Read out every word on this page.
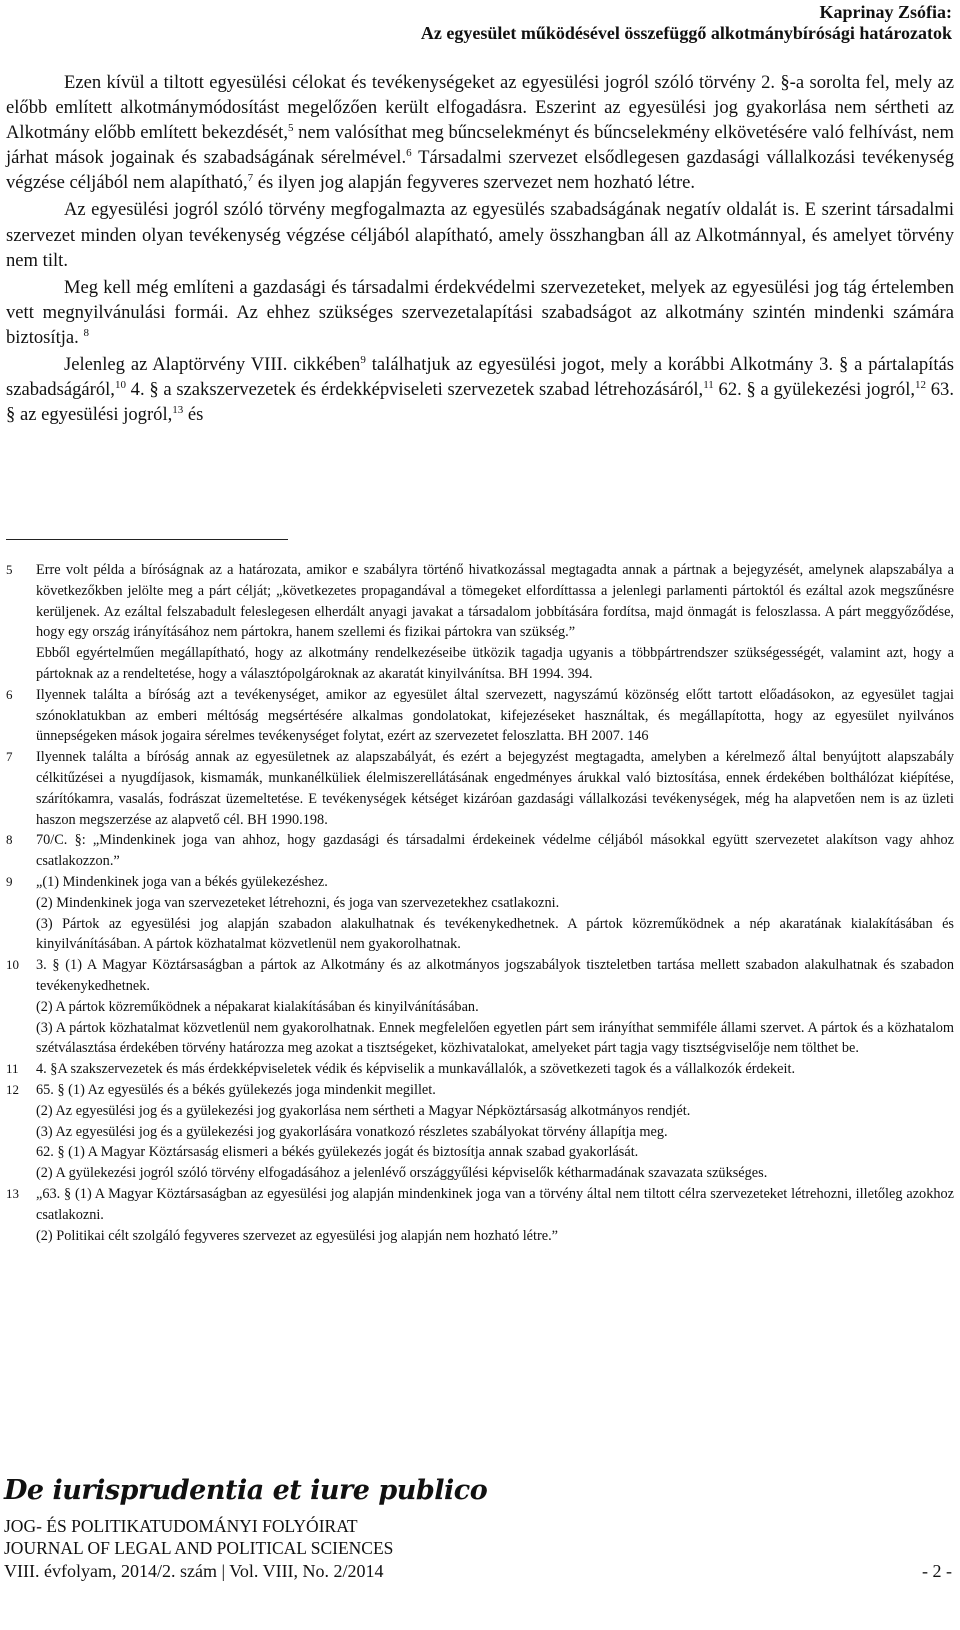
Kaprinay Zsófia:
Az egyesület működésével összefüggő alkotmánybírósági határozatok

Ezen kívül a tiltott egyesülési célokat és tevékenységeket az egyesülési jogról szóló törvény 2. §-a sorolta fel, mely az előbb említett alkotmánymódosítást megelőzően került elfogadásra. Eszerint az egyesülési jog gyakorlása nem sértheti az Alkotmány előbb említett bekezdését,$^5$ nem valósíthat meg bűncselekményt és bűncselekmény elkövetésére való felhívást, nem járhat mások jogainak és szabadságának sérelmével.$^6$ Társadalmi szervezet elsődlegesen gazdasági vállalkozási tevékenység végzése céljából nem alapítható,$^7$ és ilyen jog alapján fegyveres szervezet nem hozható létre.

Az egyesülési jogról szóló törvény megfogalmazta az egyesülés szabadságának negatív oldalát is. E szerint társadalmi szervezet minden olyan tevékenység végzése céljából alapítható, amely összhangban áll az Alkotmánnyal, és amelyet törvény nem tilt.

Meg kell még említeni a gazdasági és társadalmi érdekvédelmi szervezeteket, melyek az egyesülési jog tág értelemben vett megnyilvánulási formái. Az ehhez szükséges szervezetalapítási szabadságot az alkotmány szintén mindenki számára biztosítja. $^8$

Jelenleg az Alaptörvény VIII. cikkében$^9$ találhatjuk az egyesülési jogot, mely a korábbi Alkotmány 3. § a pártalapítás szabadságáról,$^{10}$ 4. § a szakszervezetek és érdekképviseleti szervezetek szabad létrehozásáról,$^{11}$ 62. § a gyülekezési jogról,$^{12}$ 63. § az egyesülési jogról,$^{13}$ és

5 Erre volt példa a bíróságnak az a határozata, amikor e szabályra történő hivatkozással megtagadta annak a pártnak a bejegyzését, amelynek alapszabálya a következőkben jelölte meg a párt célját; „következetes propagandával a tömegeket elfordíttassa a jelenlegi parlamenti pártoktól és ezáltal azok megszűnésre kerüljenek. Az ezáltal felszabadult feleslegesen elherdált anyagi javakat a társadalom jobbítására fordítsa, majd önmagát is feloszlassa. A párt meggyőződése, hogy egy ország irányításához nem pártokra, hanem szellemi és fizikai pártokra van szükség.”

Ebből egyértelműen megállapítható, hogy az alkotmány rendelkezéseibe ütközik tagadja ugyanis a többpártrendszer szükségességét, valamint azt, hogy a pártoknak az a rendeltetése, hogy a választópolgároknak az akaratát kinyilvánítsa. BH 1994. 394.

6 Ilyennek találta a bíróság azt a tevékenységet, amikor az egyesület által szervezett, nagyszámú közönség előtt tartott előadásokon, az egyesület tagjai szónoklatukban az emberi méltóság megsértésére alkalmas gondolatokat, kifejezéseket használtak, és megállapította, hogy az egyesület nyilvános ünnepségeken mások jogaira sérelmes tevékenységet folytat, ezért az szervezetet feloszlatta. BH 2007. 146

7 Ilyennek találta a bíróság annak az egyesületnek az alapszabályát, és ezért a bejegyzést megtagadta, amelyben a kérelmező által benyújtott alapszabály célkitűzései a nyugdíjasok, kismamák, munkanélküliek élelmiszerellátásának engedményes árukkal való biztosítása, ennek érdekében bolthálózat kiépítése, szárítókamra, vasalás, fodrászat üzemeltetése. E tevékenységek kétséget kizáróan gazdasági vállalkozási tevékenységek, még ha alapvetően nem is az üzleti haszon megszerzése az alapvető cél. BH 1990.198.

8 70/C. §: „Mindenkinek joga van ahhoz, hogy gazdasági és társadalmi érdekeinek védelme céljából másokkal együtt szervezetet alakítson vagy ahhoz csatlakozzon.”

9 „(1) Mindenkinek joga van a békés gyülekezéshez.

(2) Mindenkinek joga van szervezeteket létrehozni, és joga van szervezetekhez csatlakozni.

(3) Pártok az egyesülési jog alapján szabadon alakulhatnak és tevékenykedhetnek. A pártok közreműködnek a nép akaratának kialakításában és kinyilvánításában. A pártok közhatalmat közvetlenül nem gyakorolhatnak.

10 3. § (1) A Magyar Köztársaságban a pártok az Alkotmány és az alkotmányos jogszabályok tiszteletben tartása mellett szabadon alakulhatnak és szabadon tevékenykedhetnek.

(2) A pártok közreműködnek a népakarat kialakításában és kinyilvánításában.

(3) A pártok közhatalmat közvetlenül nem gyakorolhatnak. Ennek megfelelően egyetlen párt sem irányíthat semmiféle állami szervet. A pártok és a közhatalom szétválasztása érdekében törvény határozza meg azokat a tisztségeket, közhivatalokat, amelyeket párt tagja vagy tisztségviselője nem tölthet be.

11 4. §A szakszervezetek és más érdekképviseletek védik és képviselik a munkavállalók, a szövetkezeti tagok és a vállalkozók érdekeit.

12 65. § (1) Az egyesülés és a békés gyülekezés joga mindenkit megillet.

(2) Az egyesülési jog és a gyülekezési jog gyakorlása nem sértheti a Magyar Népköztársaság alkotmányos rendjét.

(3) Az egyesülési jog és a gyülekezési jog gyakorlására vonatkozó részletes szabályokat törvény állapítja meg.

62. § (1) A Magyar Köztársaság elismeri a békés gyülekezés jogát és biztosítja annak szabad gyakorlását.

(2) A gyülekezési jogról szóló törvény elfogadásához a jelenlévő országgyűlési képviselők kétharmadának szavazata szükséges.

13 „63. § (1) A Magyar Köztársaságban az egyesülési jog alapján mindenkinek joga van a törvény által nem tiltott célra szervezeteket létrehozni, illetőleg azokhoz csatlakozni.

(2) Politikai célt szolgáló fegyveres szervezet az egyesülési jog alapján nem hozható létre.”

De iurisprudentia et iure publico
JOG- ÉS POLITIKATUDOMÁNYI FOLYÓIRAT
JOURNAL OF LEGAL AND POLITICAL SCIENCES
VIII. évfolyam, 2014/2. szám | Vol. VIII, No. 2/2014	- 2 -
